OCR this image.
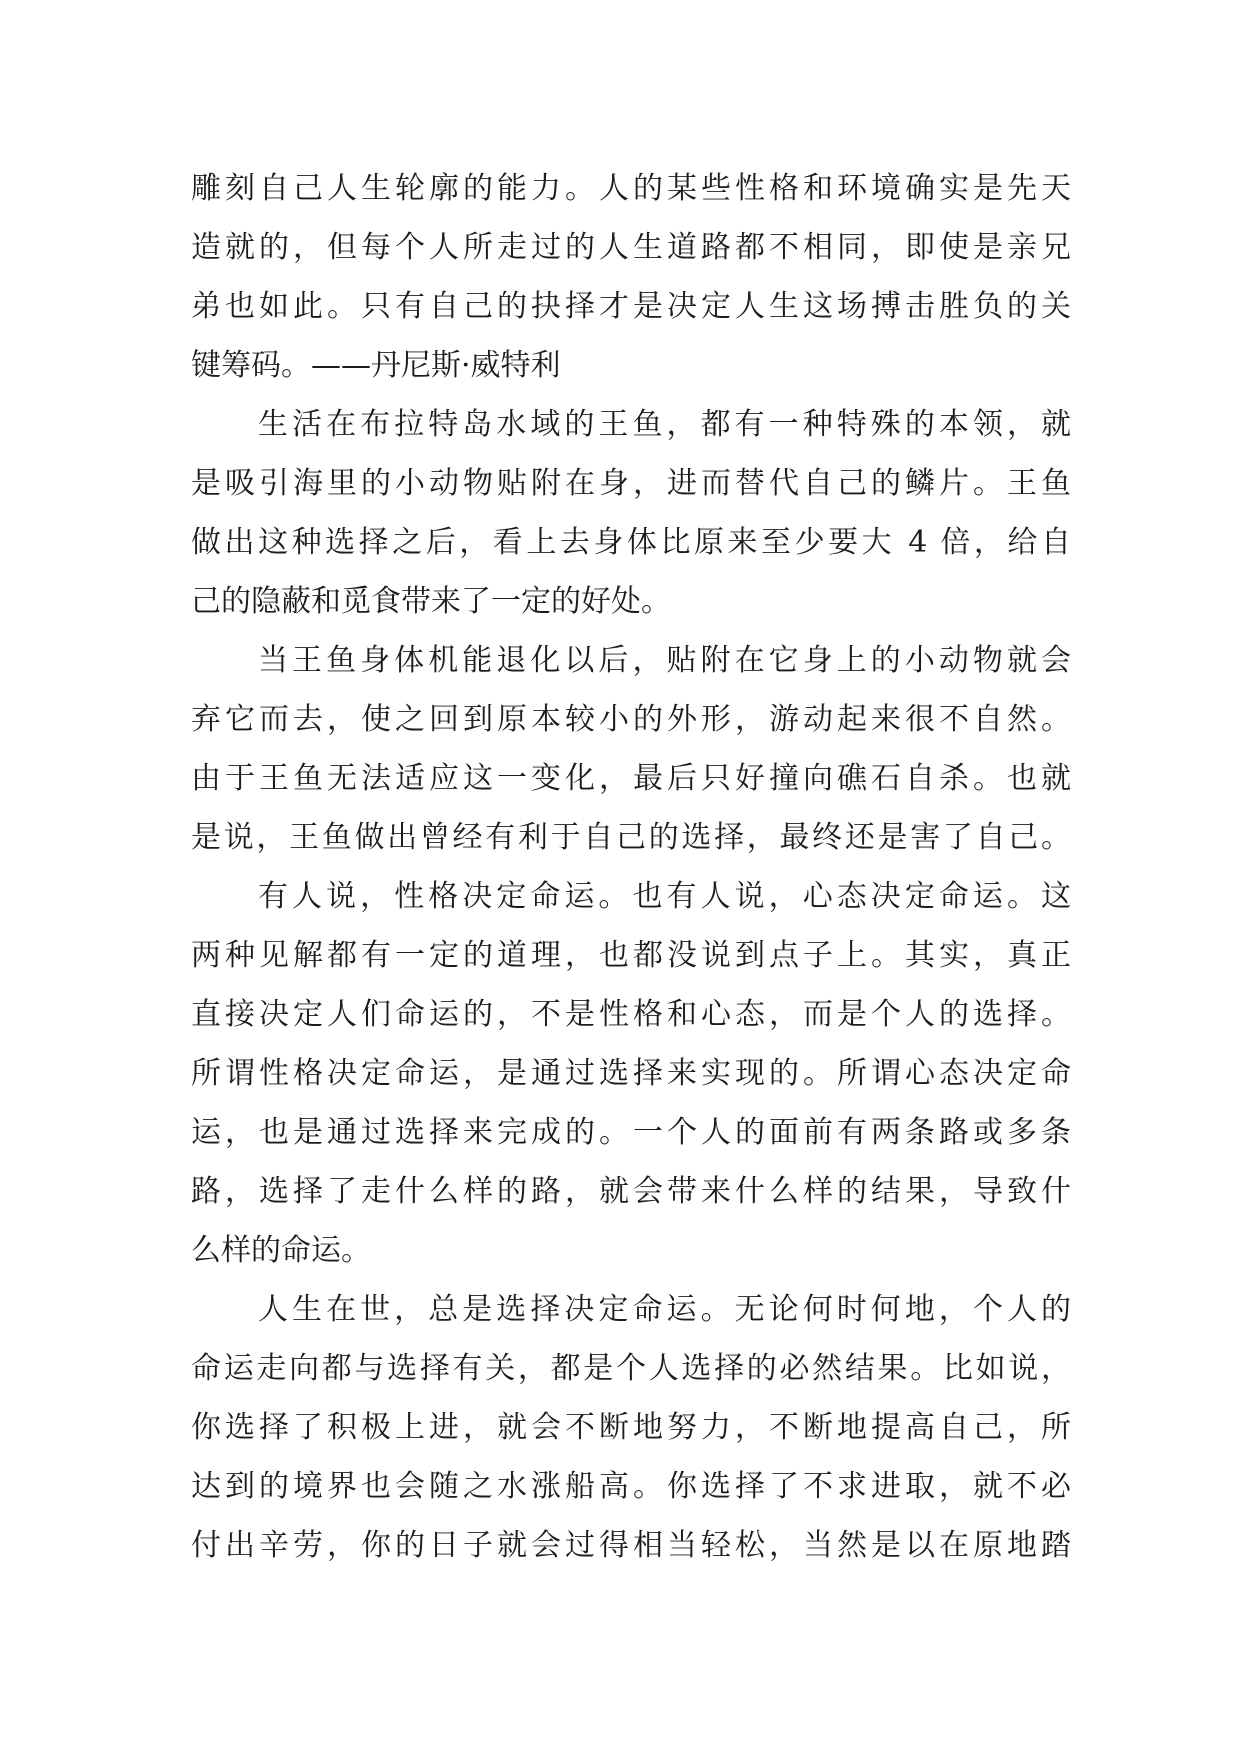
雕刻自己人生轮廓的能力。人的某些性格和环境确实是先天
造就的，但每个人所走过的人生道路都不相同，即使是亲兄
弟也如此。只有自己的抉择才是决定人生这场搏击胜负的关
键筹码。——丹尼斯·威特利
生活在布拉特岛水域的王鱼，都有一种特殊的本领，就
是吸引海里的小动物贴附在身，进而替代自己的鳞片。王鱼
做出这种选择之后，看上去身体比原来至少要大 4 倍，给自
己的隐蔽和觅食带来了一定的好处。
当王鱼身体机能退化以后，贴附在它身上的小动物就会
弃它而去，使之回到原本较小的外形，游动起来很不自然。
由于王鱼无法适应这一变化，最后只好撞向礁石自杀。也就
是说，王鱼做出曾经有利于自己的选择，最终还是害了自己。
有人说，性格决定命运。也有人说，心态决定命运。这
两种见解都有一定的道理，也都没说到点子上。其实，真正
直接决定人们命运的，不是性格和心态，而是个人的选择。
所谓性格决定命运，是通过选择来实现的。所谓心态决定命
运，也是通过选择来完成的。一个人的面前有两条路或多条
路，选择了走什么样的路，就会带来什么样的结果，导致什
么样的命运。
人生在世，总是选择决定命运。无论何时何地，个人的
命运走向都与选择有关，都是个人选择的必然结果。比如说，
你选择了积极上进，就会不断地努力，不断地提高自己，所
达到的境界也会随之水涨船高。你选择了不求进取，就不必
付出辛劳，你的日子就会过得相当轻松，当然是以在原地踏
